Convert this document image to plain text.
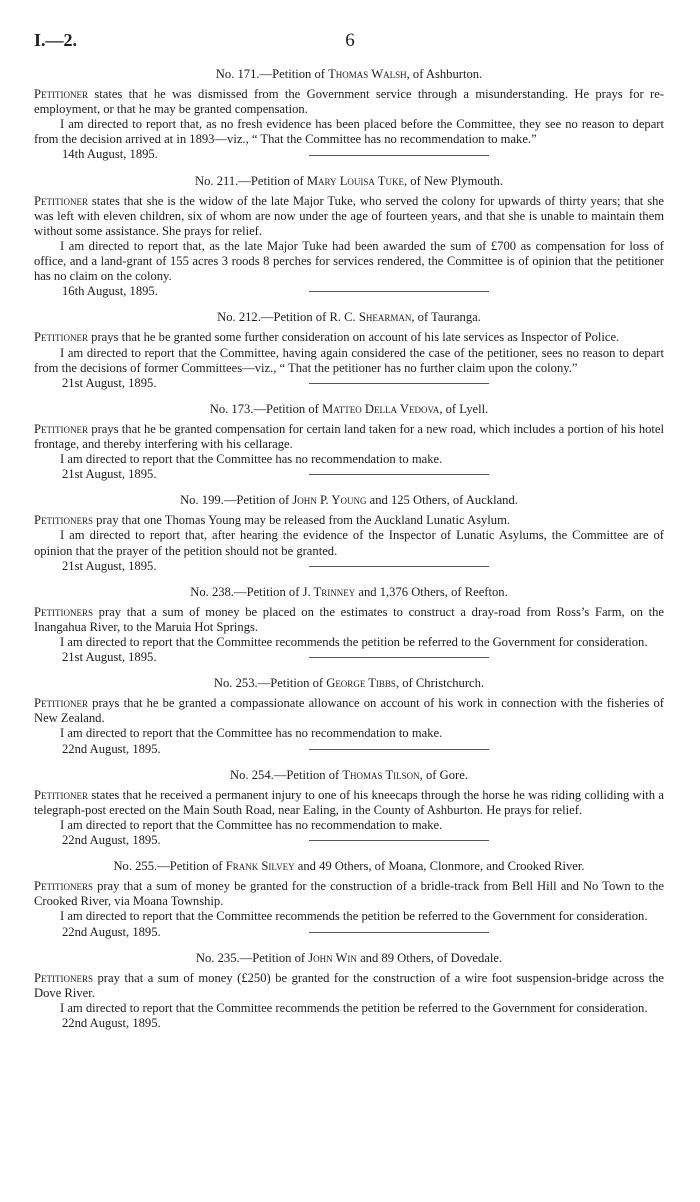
I.—2.	6
No. 171.—Petition of Thomas Walsh, of Ashburton.

Petitioner states that he was dismissed from the Government service through a misunderstanding. He prays for re-employment, or that he may be granted compensation.

I am directed to report that, as no fresh evidence has been placed before the Committee, they see no reason to depart from the decision arrived at in 1893—viz., “ That the Committee has no recommendation to make.”

14th August, 1895.
No. 211.—Petition of Mary Louisa Tuke, of New Plymouth.

Petitioner states that she is the widow of the late Major Tuke, who served the colony for upwards of thirty years; that she was left with eleven children, six of whom are now under the age of fourteen years, and that she is unable to maintain them without some assistance. She prays for relief.

I am directed to report that, as the late Major Tuke had been awarded the sum of £700 as compensation for loss of office, and a land-grant of 155 acres 3 roods 8 perches for services rendered, the Committee is of opinion that the petitioner has no claim on the colony.

16th August, 1895.
No. 212.—Petition of R. C. Shearman, of Tauranga.

Petitioner prays that he be granted some further consideration on account of his late services as Inspector of Police.

I am directed to report that the Committee, having again considered the case of the petitioner, sees no reason to depart from the decisions of former Committees—viz., “ That the petitioner has no further claim upon the colony.”

21st August, 1895.
No. 173.—Petition of Matteo Della Vedova, of Lyell.

Petitioner prays that he be granted compensation for certain land taken for a new road, which includes a portion of his hotel frontage, and thereby interfering with his cellarage.

I am directed to report that the Committee has no recommendation to make.

21st August, 1895.
No. 199.—Petition of John P. Young and 125 Others, of Auckland.

Petitioners pray that one Thomas Young may be released from the Auckland Lunatic Asylum.

I am directed to report that, after hearing the evidence of the Inspector of Lunatic Asylums, the Committee are of opinion that the prayer of the petition should not be granted.

21st August, 1895.
No. 238.—Petition of J. Trinney and 1,376 Others, of Reefton.

Petitioners pray that a sum of money be placed on the estimates to construct a dray-road from Ross’s Farm, on the Inangahua River, to the Maruia Hot Springs.

I am directed to report that the Committee recommends the petition be referred to the Government for consideration.

21st August, 1895.
No. 253.—Petition of George Tibbs, of Christchurch.

Petitioner prays that he be granted a compassionate allowance on account of his work in connection with the fisheries of New Zealand.

I am directed to report that the Committee has no recommendation to make.

22nd August, 1895.
No. 254.—Petition of Thomas Tilson, of Gore.

Petitioner states that he received a permanent injury to one of his kneecaps through the horse he was riding colliding with a telegraph-post erected on the Main South Road, near Ealing, in the County of Ashburton. He prays for relief.

I am directed to report that the Committee has no recommendation to make.

22nd August, 1895.
No. 255.—Petition of Frank Silvey and 49 Others, of Moana, Clonmore, and Crooked River.

Petitioners pray that a sum of money be granted for the construction of a bridle-track from Bell Hill and No Town to the Crooked River, via Moana Township.

I am directed to report that the Committee recommends the petition be referred to the Government for consideration.

22nd August, 1895.
No. 235.—Petition of John Win and 89 Others, of Dovedale.

Petitioners pray that a sum of money (£250) be granted for the construction of a wire foot suspension-bridge across the Dove River.

I am directed to report that the Committee recommends the petition be referred to the Government for consideration.

22nd August, 1895.
